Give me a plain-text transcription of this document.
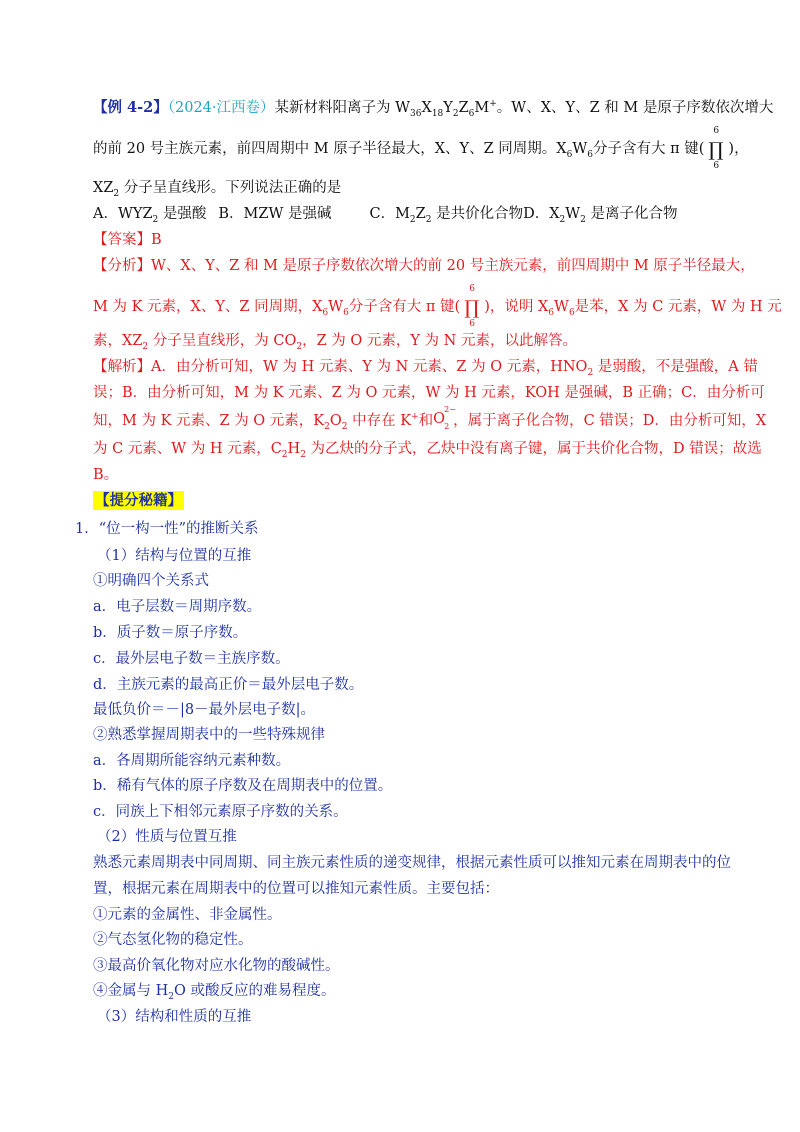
【例 4-2】（2024·江西卷）某新材料阳离子为 $W_{36}X_{18}Y_2Z_6M^+$。W、X、Y、Z 和 M 是原子序数依次增大
的前 20 号主族元素，前四周期中 M 原子半径最大，X、Y、Z 同周期。$X_6W_6$分子含有大 π 键(
6
∏
6
)，
$XZ_2$ 分子呈直线形。下列说法正确的是
A．$WYZ_2$ 是强酸 B．MZW 是强碱	C．$M_2Z_2$ 是共价化合物D．$X_2W_2$ 是离子化合物
【答案】B
【分析】W、X、Y、Z 和 M 是原子序数依次增大的前 20 号主族元素，前四周期中 M 原子半径最大，
M 为 K 元素，X、Y、Z 同周期，$X_6W_6$分子含有大 π 键(
6
∏
6
)，说明 $X_6W_6$是苯，X 为 C 元素，W 为 H 元
素，$XZ_2$ 分子呈直线形，为 $CO_2$，Z 为 O 元素，Y 为 N 元素，以此解答。
【解析】A．由分析可知，W 为 H 元素、Y 为 N 元素、Z 为 O 元素，$HNO_2$ 是弱酸，不是强酸，A 错
误；B．由分析可知，M 为 K 元素、Z 为 O 元素，W 为 H 元素，KOH 是强碱，B 正确；C．由分析可
知，M 为 K 元素、Z 为 O 元素，$K_2O_2$ 中存在 K+和 O 2
2−
，属于离子化合物，C 错误；D．由分析可知，X
为 C 元素、W 为 H 元素，$C_2H_2$ 为乙炔的分子式，乙炔中没有离子键，属于共价化合物，D 错误；故选
B。
【提分秘籍】
1．“位一构一性”的推断关系
（1）结构与位置的互推
①明确四个关系式
a．电子层数＝周期序数。
b．质子数＝原子序数。
c．最外层电子数＝主族序数。
d．主族元素的最高正价＝最外层电子数。
最低负价＝－|8－最外层电子数|。
②熟悉掌握周期表中的一些特殊规律
a．各周期所能容纳元素种数。
b．稀有气体的原子序数及在周期表中的位置。
c．同族上下相邻元素原子序数的关系。
（2）性质与位置互推
熟悉元素周期表中同周期、同主族元素性质的递变规律，根据元素性质可以推知元素在周期表中的位
置，根据元素在周期表中的位置可以推知元素性质。主要包括：
①元素的金属性、非金属性。
②气态氢化物的稳定性。
③最高价氧化物对应水化物的酸碱性。
④金属与 $H_2O$ 或酸反应的难易程度。
（3）结构和性质的互推
